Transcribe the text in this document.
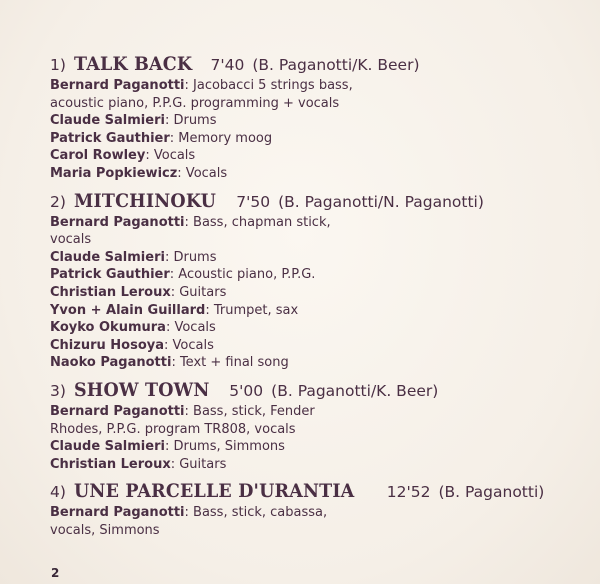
1) TALK BACK 7'40 (B. Paganotti/K. Beer)
Bernard Paganotti: Jacobacci 5 strings bass,
acoustic piano, P.P.G. programming + vocals
Claude Salmieri: Drums
Patrick Gauthier: Memory moog
Carol Rowley: Vocals
Maria Popkiewicz: Vocals
2) MITCHINOKU 7'50 (B. Paganotti/N. Paganotti)
Bernard Paganotti: Bass, chapman stick,
vocals
Claude Salmieri: Drums
Patrick Gauthier: Acoustic piano, P.P.G.
Christian Leroux: Guitars
Yvon + Alain Guillard: Trumpet, sax
Koyko Okumura: Vocals
Chizuru Hosoya: Vocals
Naoko Paganotti: Text + final song
3) SHOW TOWN 5'00 (B. Paganotti/K. Beer)
Bernard Paganotti: Bass, stick, Fender
Rhodes, P.P.G. program TR808, vocals
Claude Salmieri: Drums, Simmons
Christian Leroux: Guitars
4) UNE PARCELLE D'URANTIA 12'52 (B. Paganotti)
Bernard Paganotti: Bass, stick, cabassa,
vocals, Simmons
2
